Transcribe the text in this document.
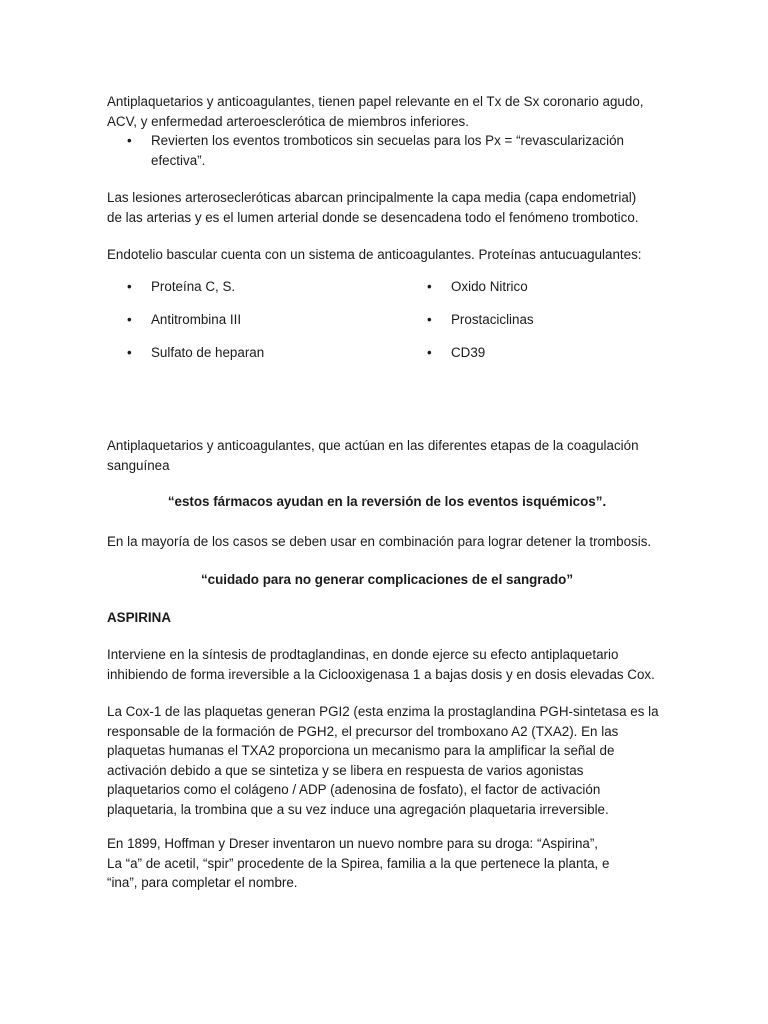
Antiplaquetarios y anticoagulantes, tienen papel relevante en el Tx de Sx coronario agudo,

ACV, y enfermedad arteroesclerótica de miembros inferiores.

• Revierten los eventos tromboticos sin secuelas para los Px = “revascularización

efectiva”.

Las lesiones arterosecleróticas abarcan principalmente la capa media (capa endometrial)

de las arterias y es el lumen arterial donde se desencadena todo el fenómeno trombotico.

Endotelio bascular cuenta con un sistema de anticoagulantes. Proteínas antucuagulantes:

• Proteína C, S.

• Antitrombina III

• Sulfato de heparan

• Oxido Nitrico

• Prostaciclinas

• CD39

Antiplaquetarios y anticoagulantes, que actúan en las diferentes etapas de la coagulación

sanguínea

“estos fármacos ayudan en la reversión de los eventos isquémicos”.

En la mayoría de los casos se deben usar en combinación para lograr detener la trombosis.

“cuidado para no generar complicaciones de el sangrado”

ASPIRINA

Interviene en la síntesis de prodtaglandinas, en donde ejerce su efecto antiplaquetario

inhibiendo de forma ireversible a la Ciclooxigenasa 1 a bajas dosis y en dosis elevadas Cox.

La Cox-1 de las plaquetas generan PGI2 (esta enzima la prostaglandina PGH-sintetasa es la

responsable de la formación de PGH2, el precursor del tromboxano A2 (TXA2). En las

plaquetas humanas el TXA2 proporciona un mecanismo para la amplificar la señal de

activación debido a que se sintetiza y se libera en respuesta de varios agonistas

plaquetarios como el colágeno / ADP (adenosina de fosfato), el factor de activación

plaquetaria, la trombina que a su vez induce una agregación plaquetaria irreversible.

En 1899, Hoffman y Dreser inventaron un nuevo nombre para su droga: “Aspirina”,

La “a” de acetil, “spir” procedente de la Spirea, familia a la que pertenece la planta, e

“ina”, para completar el nombre.
